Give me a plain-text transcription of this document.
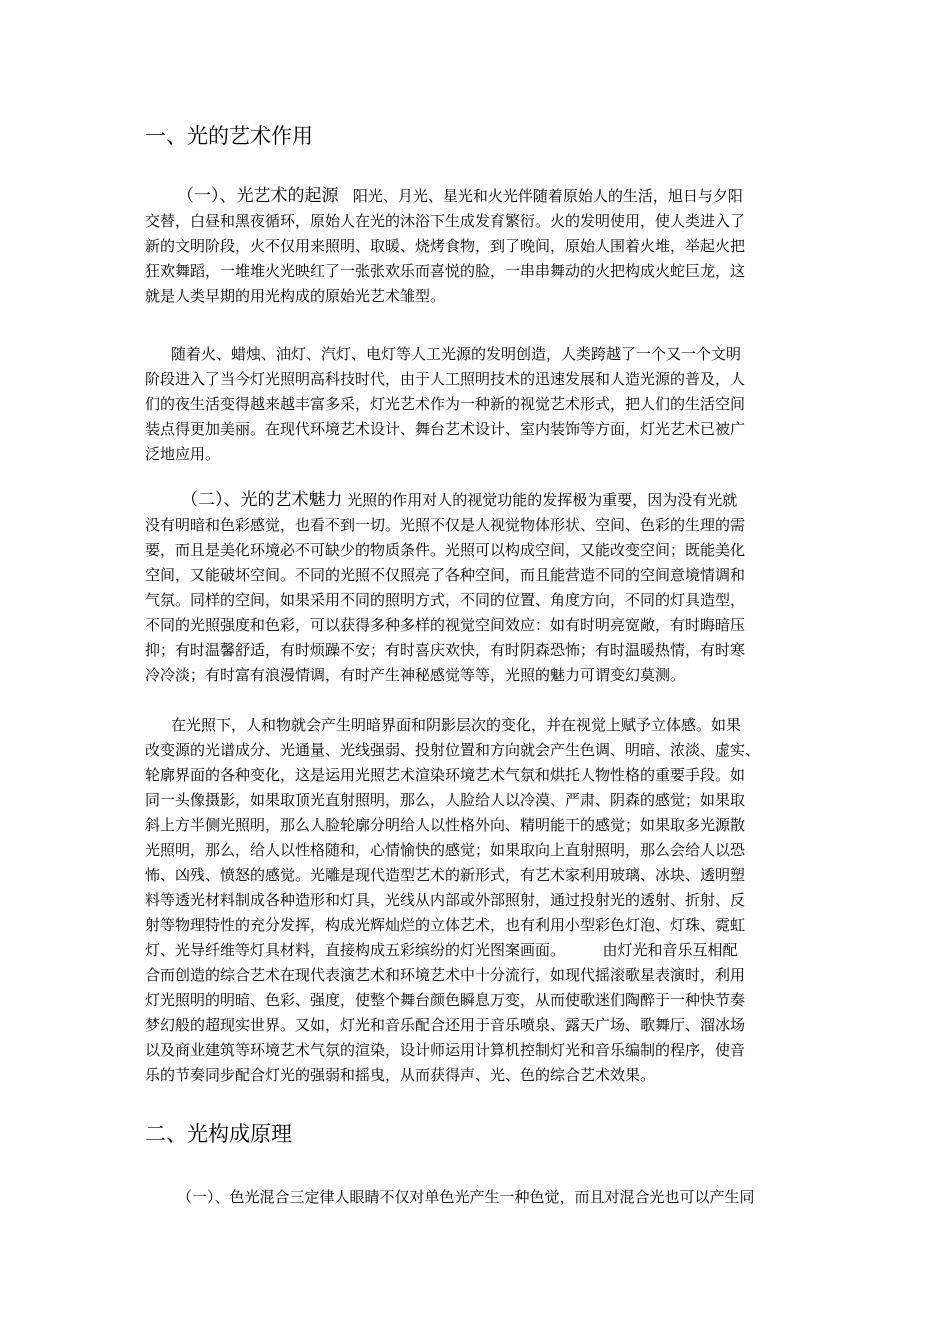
一、光的艺术作用
（一）、光艺术的起源 阳光、月光、星光和火光伴随着原始人的生活，旭日与夕阳
交替，白昼和黑夜循环，原始人在光的沐浴下生成发育繁衍。火的发明使用，使人类进入了
新的文明阶段，火不仅用来照明、取暖、烧烤食物，到了晚间，原始人围着火堆，举起火把
狂欢舞蹈，一堆堆火光映红了一张张欢乐而喜悦的脸，一串串舞动的火把构成火蛇巨龙，这
就是人类早期的用光构成的原始光艺术雏型。
随着火、蜡烛、油灯、汽灯、电灯等人工光源的发明创造，人类跨越了一个又一个文明
阶段进入了当今灯光照明高科技时代，由于人工照明技术的迅速发展和人造光源的普及，人
们的夜生活变得越来越丰富多采，灯光艺术作为一种新的视觉艺术形式，把人们的生活空间
装点得更加美丽。在现代环境艺术设计、舞台艺术设计、室内装饰等方面，灯光艺术已被广
泛地应用。
（二）、光的艺术魅力 光照的作用对人的视觉功能的发挥极为重要，因为没有光就
没有明暗和色彩感觉，也看不到一切。光照不仅是人视觉物体形状、空间、色彩的生理的需
要，而且是美化环境必不可缺少的物质条件。光照可以构成空间，又能改变空间；既能美化
空间，又能破坏空间。不同的光照不仅照亮了各种空间，而且能营造不同的空间意境情调和
气氛。同样的空间，如果采用不同的照明方式，不同的位置、角度方向，不同的灯具造型，
不同的光照强度和色彩，可以获得多种多样的视觉空间效应：如有时明亮宽敞，有时晦暗压
抑；有时温馨舒适，有时烦躁不安；有时喜庆欢快，有时阴森恐怖；有时温暖热情，有时寒
冷冷淡；有时富有浪漫情调，有时产生神秘感觉等等，光照的魅力可谓变幻莫测。
在光照下，人和物就会产生明暗界面和阴影层次的变化，并在视觉上赋予立体感。如果
改变源的光谱成分、光通量、光线强弱、投射位置和方向就会产生色调、明暗、浓淡、虚实、
轮廓界面的各种变化，这是运用光照艺术渲染环境艺术气氛和烘托人物性格的重要手段。如
同一头像摄影，如果取顶光直射照明，那么，人脸给人以冷漠、严肃、阴森的感觉；如果取
斜上方半侧光照明，那么人脸轮廓分明给人以性格外向、精明能干的感觉；如果取多光源散
光照明，那么，给人以性格随和，心情愉快的感觉；如果取向上直射照明，那么会给人以恐
怖、凶残、愤怒的感觉。光雕是现代造型艺术的新形式，有艺术家利用玻璃、冰块、透明塑
料等透光材料制成各种造形和灯具，光线从内部或外部照射，通过投射光的透射、折射、反
射等物理特性的充分发挥，构成光辉灿烂的立体艺术，也有利用小型彩色灯泡、灯珠、霓虹
灯、光导纤维等灯具材料，直接构成五彩缤纷的灯光图案画面。　　　由灯光和音乐互相配
合而创造的综合艺术在现代表演艺术和环境艺术中十分流行，如现代摇滚歌星表演时，利用
灯光照明的明暗、色彩、强度，使整个舞台颜色瞬息万变，从而使歌迷们陶醉于一种快节奏
梦幻般的超现实世界。又如，灯光和音乐配合还用于音乐喷泉、露天广场、歌舞厅、溜冰场
以及商业建筑等环境艺术气氛的渲染，设计师运用计算机控制灯光和音乐编制的程序，使音
乐的节奏同步配合灯光的强弱和摇曳，从而获得声、光、色的综合艺术效果。
二、光构成原理
（一）、色光混合三定律人眼睛不仅对单色光产生一种色觉，而且对混合光也可以产生同
